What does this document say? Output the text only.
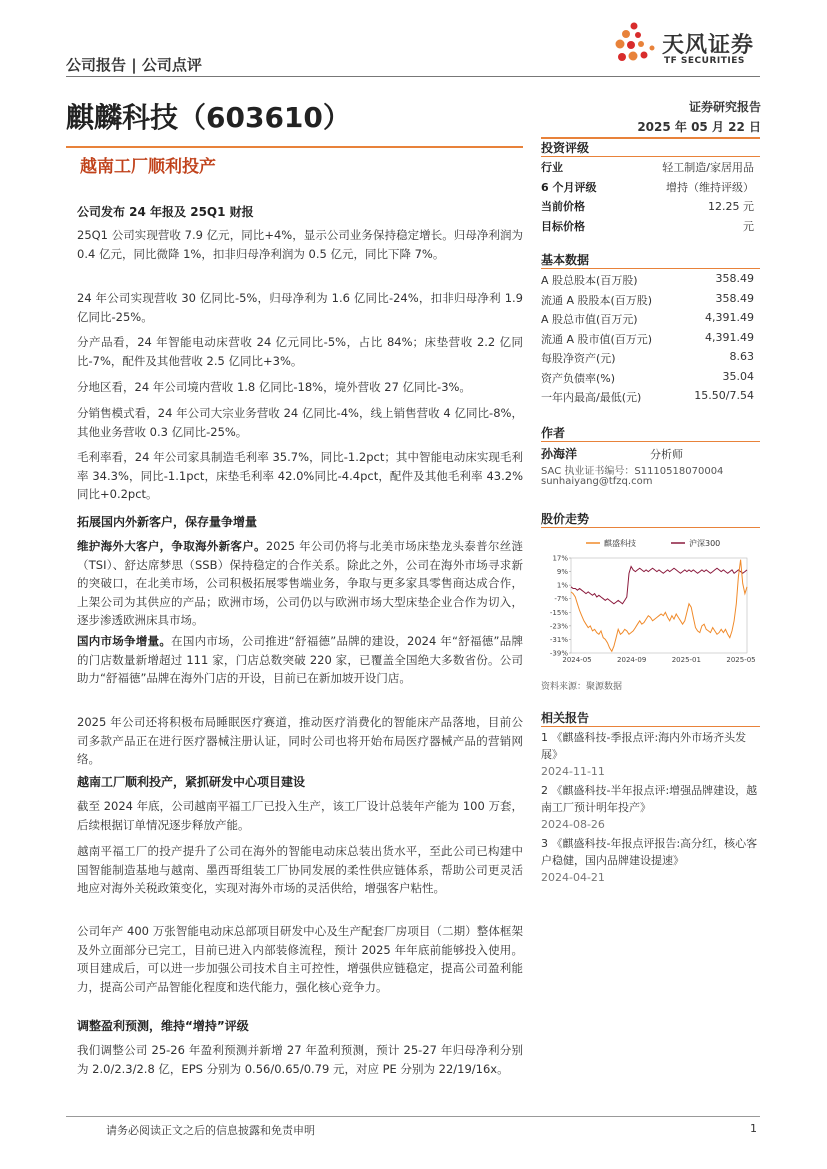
天风证券
TF SECURITIES
公司报告 | 公司点评
麒麟科技（603610）	证券研究报告
2025 年 05 月 22 日
越南工厂顺利投产
公司发布 24 年报及 25Q1 财报

25Q1 公司实现营收 7.9 亿元，同比+4%，显示公司业务保持稳定增长。归母净利润为 0.4 亿元，同比微降 1%，扣非归母净利润为 0.5 亿元，同比下降 7%。

24 年公司实现营收 30 亿同比-5%，归母净利为 1.6 亿同比-24%，扣非归母净利 1.9 亿同比-25%。

分产品看，24 年智能电动床营收 24 亿元同比-5%，占比 84%；床垫营收 2.2 亿同比-7%，配件及其他营收 2.5 亿同比+3%。

分地区看，24 年公司境内营收 1.8 亿同比-18%，境外营收 27 亿同比-3%。

分销售模式看，24 年公司大宗业务营收 24 亿同比-4%，线上销售营收 4 亿同比-8%，其他业务营收 0.3 亿同比-25%。

毛利率看，24 年公司家具制造毛利率 35.7%，同比-1.2pct；其中智能电动床实现毛利率 34.3%，同比-1.1pct，床垫毛利率 42.0%同比-4.4pct，配件及其他毛利率 43.2%同比+0.2pct。

拓展国内外新客户，保存量争增量

维护海外大客户，争取海外新客户。2025 年公司仍将与北美市场床垫龙头泰普尔丝涟（TSI）、舒达席梦思（SSB）保持稳定的合作关系。除此之外，公司在海外市场寻求新的突破口，在北美市场，公司积极拓展零售端业务，争取与更多家具零售商达成合作，上架公司为其供应的产品；欧洲市场，公司仍以与欧洲市场大型床垫企业合作为切入，逐步渗透欧洲床具市场。

国内市场争增量。在国内市场，公司推进“舒福德”品牌的建设，2024 年“舒福德”品牌的门店数量新增超过 111 家，门店总数突破 220 家，已覆盖全国绝大多数省份。公司助力“舒福德”品牌在海外门店的开设，目前已在新加坡开设门店。

2025 年公司还将积极布局睡眠医疗赛道，推动医疗消费化的智能床产品落地，目前公司多款产品正在进行医疗器械注册认证，同时公司也将开始布局医疗器械产品的营销网络。

越南工厂顺利投产，紧抓研发中心项目建设

截至 2024 年底，公司越南平福工厂已投入生产，该工厂设计总装年产能为 100 万套，后续根据订单情况逐步释放产能。

越南平福工厂的投产提升了公司在海外的智能电动床总装出货水平，至此公司已构建中国智能制造基地与越南、墨西哥组装工厂协同发展的柔性供应链体系，帮助公司更灵活地应对海外关税政策变化，实现对海外市场的灵活供给，增强客户粘性。

公司年产 400 万张智能电动床总部项目研发中心及生产配套厂房项目（二期）整体框架及外立面部分已完工，目前已进入内部装修流程，预计 2025 年年底前能够投入使用。项目建成后，可以进一步加强公司技术自主可控性，增强供应链稳定，提高公司盈利能力，提高公司产品智能化程度和迭代能力，强化核心竞争力。

调整盈利预测，维持“增持”评级

我们调整公司 25-26 年盈利预测并新增 27 年盈利预测，预计 25-27 年归母净利分别为 2.0/2.3/2.8 亿，EPS 分别为 0.56/0.65/0.79 元，对应 PE 分别为 22/19/16x。

投资评级
行业	轻工制造/家居用品
6 个月评级	增持（维持评级）
当前价格	12.25 元
目标价格	元
基本数据
A 股总股本(百万股)	358.49
流通 A 股股本(百万股)	358.49
A 股总市值(百万元)	4,391.49
流通 A 股市值(百万元)	4,391.49
每股净资产(元)	8.63
资产负债率(%)	35.04
一年内最高/最低(元)	15.50/7.54
作者
孙海洋	分析师
SAC 执业证书编号：S1110518070004
sunhaiyang@tfzq.com
股价走势
17%
9%
1%
-7%
-15%
-23%
-31%
-39%
2024-05	2024-09	2025-01	2025-05
麒盛科技	沪深300
资料来源：聚源数据
相关报告
1 《麒盛科技-季报点评:海内外市场齐头发展》
2024-11-11
2 《麒盛科技-半年报点评:增强品牌建设，越南工厂预计明年投产》
2024-08-26
3 《麒盛科技-年报点评报告:高分红，核心客户稳健，国内品牌建设提速》
2024-04-21
请务必阅读正文之后的信息披露和免责申明	1
